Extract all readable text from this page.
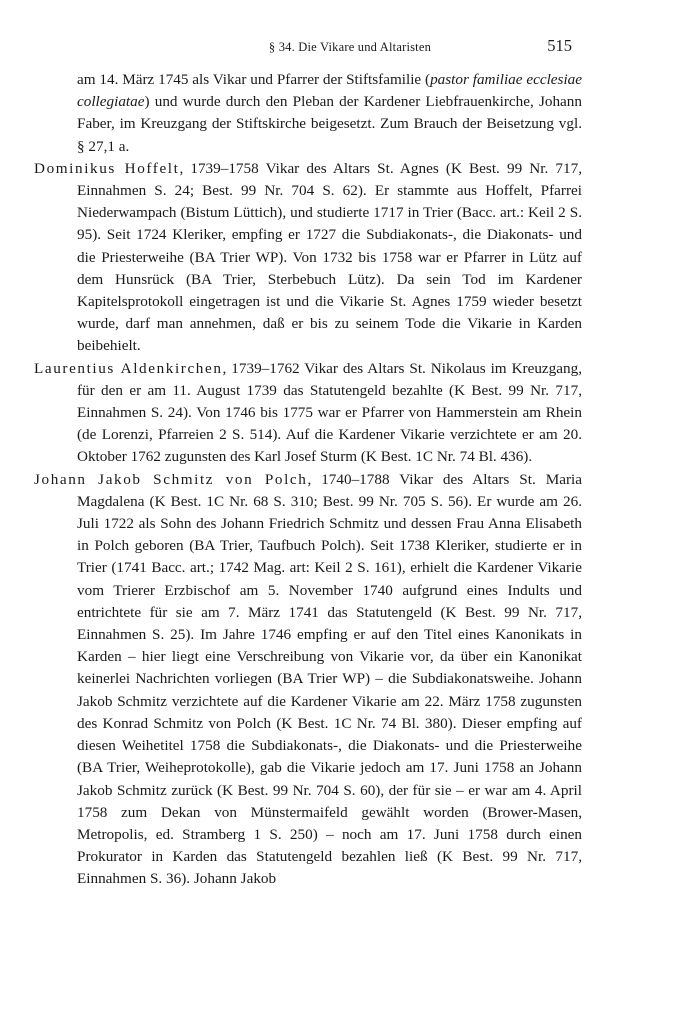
§ 34. Die Vikare und Altaristen	515

am 14. März 1745 als Vikar und Pfarrer der Stiftsfamilie (pastor familiae ecclesiae collegiatae) und wurde durch den Pleban der Kardener Liebfrauenkirche, Johann Faber, im Kreuzgang der Stiftskirche beigesetzt. Zum Brauch der Beisetzung vgl. § 27,1 a.

Dominikus Hoffelt, 1739–1758 Vikar des Altars St. Agnes (K Best. 99 Nr. 717, Einnahmen S. 24; Best. 99 Nr. 704 S. 62). Er stammte aus Hoffelt, Pfarrei Niederwampach (Bistum Lüttich), und studierte 1717 in Trier (Bacc. art.: Keil 2 S. 95). Seit 1724 Kleriker, empfing er 1727 die Subdiakonats-, die Diakonats- und die Priesterweihe (BA Trier WP). Von 1732 bis 1758 war er Pfarrer in Lütz auf dem Hunsrück (BA Trier, Sterbebuch Lütz). Da sein Tod im Kardener Kapitelsprotokoll eingetragen ist und die Vikarie St. Agnes 1759 wieder besetzt wurde, darf man annehmen, daß er bis zu seinem Tode die Vikarie in Karden beibehielt.

Laurentius Aldenkirchen, 1739–1762 Vikar des Altars St. Nikolaus im Kreuzgang, für den er am 11. August 1739 das Statutengeld bezahlte (K Best. 99 Nr. 717, Einnahmen S. 24). Von 1746 bis 1775 war er Pfarrer von Hammerstein am Rhein (de Lorenzi, Pfarreien 2 S. 514). Auf die Kardener Vikarie verzichtete er am 20. Oktober 1762 zugunsten des Karl Josef Sturm (K Best. 1C Nr. 74 Bl. 436).

Johann Jakob Schmitz von Polch, 1740–1788 Vikar des Altars St. Maria Magdalena (K Best. 1C Nr. 68 S. 310; Best. 99 Nr. 705 S. 56). Er wurde am 26. Juli 1722 als Sohn des Johann Friedrich Schmitz und dessen Frau Anna Elisabeth in Polch geboren (BA Trier, Taufbuch Polch). Seit 1738 Kleriker, studierte er in Trier (1741 Bacc. art.; 1742 Mag. art: Keil 2 S. 161), erhielt die Kardener Vikarie vom Trierer Erzbischof am 5. November 1740 aufgrund eines Indults und entrichtete für sie am 7. März 1741 das Statutengeld (K Best. 99 Nr. 717, Einnahmen S. 25). Im Jahre 1746 empfing er auf den Titel eines Kanonikats in Karden – hier liegt eine Verschreibung von Vikarie vor, da über ein Kanonikat keinerlei Nachrichten vorliegen (BA Trier WP) – die Subdiakonatsweihe. Johann Jakob Schmitz verzichtete auf die Kardener Vikarie am 22. März 1758 zugunsten des Konrad Schmitz von Polch (K Best. 1C Nr. 74 Bl. 380). Dieser empfing auf diesen Weihetitel 1758 die Subdiakonats-, die Diakonats- und die Priesterweihe (BA Trier, Weiheprotokolle), gab die Vikarie jedoch am 17. Juni 1758 an Johann Jakob Schmitz zurück (K Best. 99 Nr. 704 S. 60), der für sie – er war am 4. April 1758 zum Dekan von Münstermaifeld gewählt worden (Brower-Masen, Metropolis, ed. Stramberg 1 S. 250) – noch am 17. Juni 1758 durch einen Prokurator in Karden das Statutengeld bezahlen ließ (K Best. 99 Nr. 717, Einnahmen S. 36). Johann Jakob
